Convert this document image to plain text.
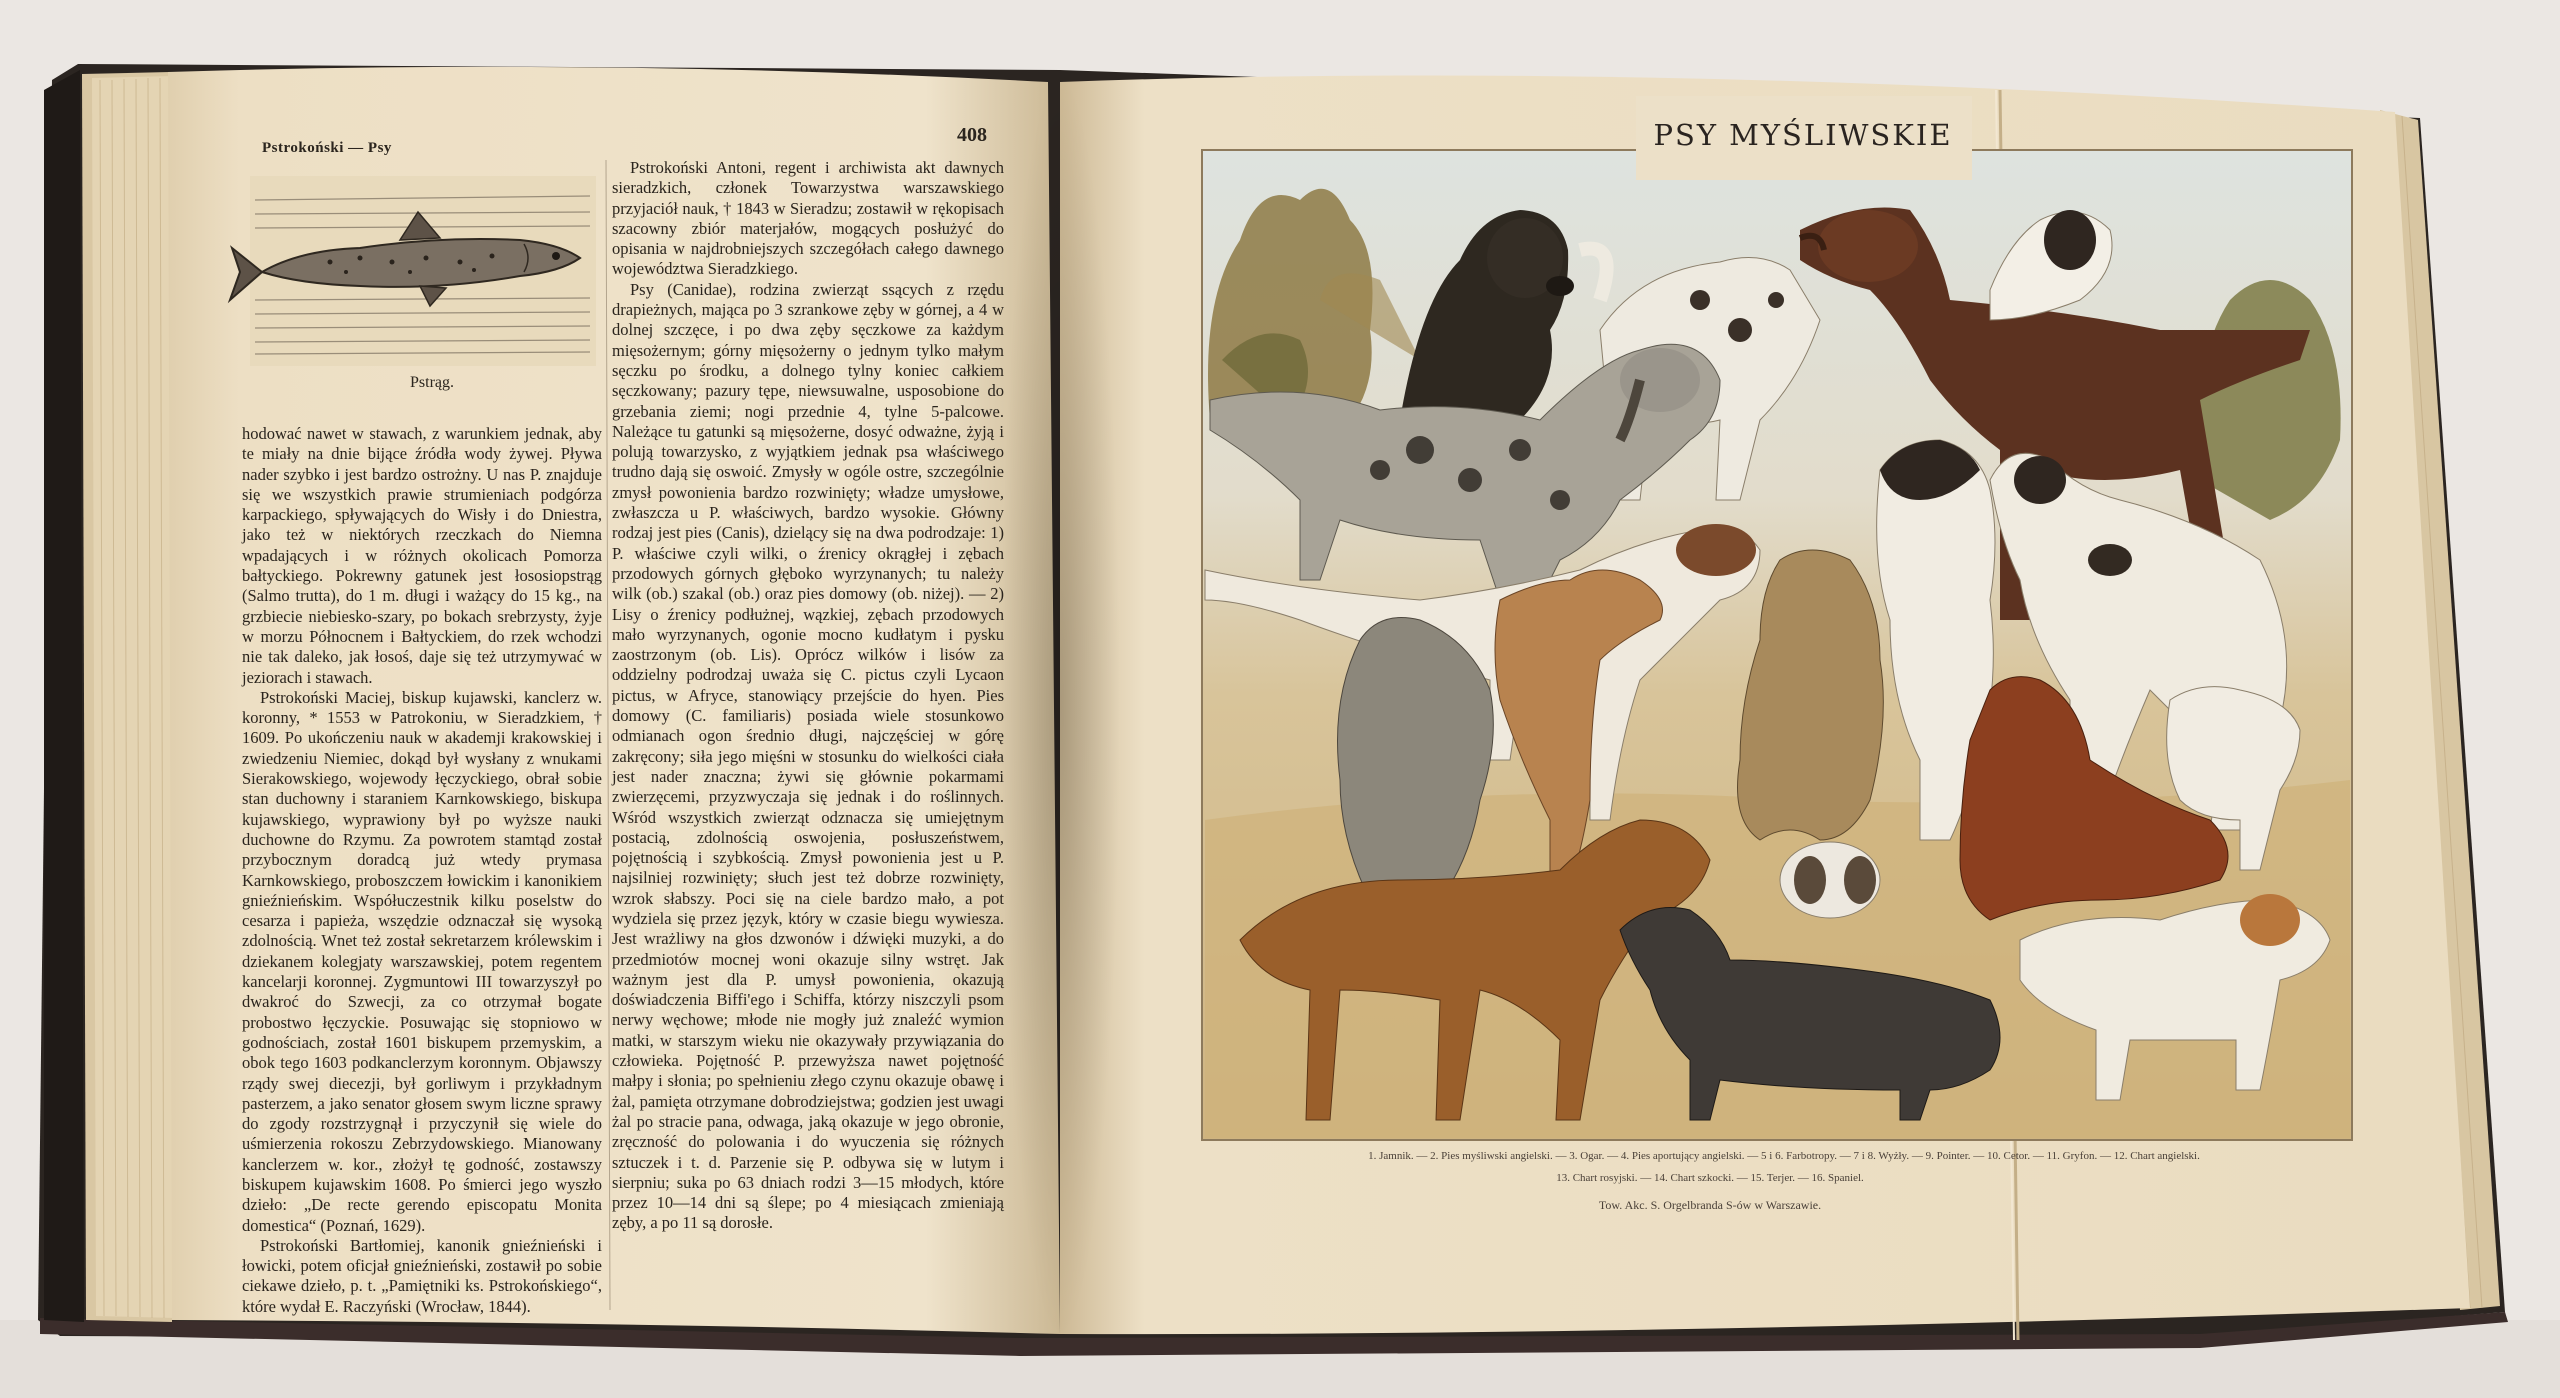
Pstrokoński — Psy
408
Pstrąg.

hodować nawet w stawach, z warunkiem jednak, aby te miały na dnie bijące źródła wody żywej. Pływa nader szybko i jest bardzo ostrożny. U nas P. znajduje się we wszystkich prawie strumieniach podgórza karpackiego, spływających do Wisły i do Dniestra, jako też w niektórych rzeczkach do Niemna wpadających i w różnych okolicach Pomorza bałtyckiego. Pokrewny gatunek jest łososiopstrąg (Salmo trutta), do 1 m. długi i ważący do 15 kg., na grzbiecie niebiesko-szary, po bokach srebrzysty, żyje w morzu Północnem i Bałtyckiem, do rzek wchodzi nie tak daleko, jak łosoś, daje się też utrzymywać w jeziorach i stawach.

Pstrokoński Maciej, biskup kujawski, kanclerz w. koronny, * 1553 w Patrokoniu, w Sieradzkiem, † 1609. Po ukończeniu nauk w akademji krakowskiej i zwiedzeniu Niemiec, dokąd był wysłany z wnukami Sierakowskiego, wojewody łęczyckiego, obrał sobie stan duchowny i staraniem Karnkowskiego, biskupa kujawskiego, wyprawiony był po wyższe nauki duchowne do Rzymu. Za powrotem stamtąd został przybocznym doradcą już wtedy prymasa Karnkowskiego, proboszczem łowickim i kanonikiem gnieźnieńskim. Współuczestnik kilku poselstw do cesarza i papieża, wszędzie odznaczał się wysoką zdolnością. Wnet też został sekretarzem królewskim i dziekanem kolegjaty warszawskiej, potem regentem kancelarji koronnej. Zygmuntowi III towarzyszył po dwakroć do Szwecji, za co otrzymał bogate probostwo łęczyckie. Posuwając się stopniowo w godnościach, został 1601 biskupem przemyskim, a obok tego 1603 podkanclerzym koronnym. Objawszy rządy swej diecezji, był gorliwym i przykładnym pasterzem, a jako senator głosem swym liczne sprawy do zgody rozstrzygnął i przyczynił się wiele do uśmierzenia rokoszu Zebrzydowskiego. Mianowany kanclerzem w. kor., złożył tę godność, zostawszy biskupem kujawskim 1608. Po śmierci jego wyszło dzieło: „De recte gerendo episcopatu Monita domestica“ (Poznań, 1629).

Pstrokoński Bartłomiej, kanonik gnieźnieński i łowicki, potem oficjał gnieźnieński, zostawił po sobie ciekawe dzieło, p. t. „Pamiętniki ks. Pstrokońskiego“, które wydał E. Raczyński (Wrocław, 1844).

Pstrokoński Antoni, regent i archiwista akt dawnych sieradzkich, członek Towarzystwa warszawskiego przyjaciół nauk, † 1843 w Sieradzu; zostawił w rękopisach szacowny zbiór materjałów, mogących posłużyć do opisania w najdrobniejszych szczegółach całego dawnego województwa Sieradzkiego.

Psy (Canidae), rodzina zwierząt ssących z rzędu drapieżnych, mająca po 3 szrankowe zęby w górnej, a 4 w dolnej szczęce, i po dwa zęby sęczkowe za każdym mięsożernym; górny mięsożerny o jednym tylko małym sęczku po środku, a dolnego tylny koniec całkiem sęczkowany; pazury tępe, niewsuwalne, usposobione do grzebania ziemi; nogi przednie 4, tylne 5-palcowe. Należące tu gatunki są mięsożerne, dosyć odważne, żyją i polują towarzysko, z wyjątkiem jednak psa właściwego trudno dają się oswoić. Zmysły w ogóle ostre, szczególnie zmysł powonienia bardzo rozwinięty; władze umysłowe, zwłaszcza u P. właściwych, bardzo wysokie. Główny rodzaj jest pies (Canis), dzielący się na dwa podrodzaje: 1) P. właściwe czyli wilki, o źrenicy okrągłej i zębach przodowych górnych głęboko wyrzynanych; tu należy wilk (ob.) szakal (ob.) oraz pies domowy (ob. niżej). — 2) Lisy o źrenicy podłużnej, wązkiej, zębach przodowych mało wyrzynanych, ogonie mocno kudłatym i pysku zaostrzonym (ob. Lis). Oprócz wilków i lisów za oddzielny podrodzaj uważa się C. pictus czyli Lycaon pictus, w Afryce, stanowiący przejście do hyen. Pies domowy (C. familiaris) posiada wiele stosunkowo odmianach ogon średnio długi, najczęściej w górę zakręcony; siła jego mięśni w stosunku do wielkości ciała jest nader znaczna; żywi się głównie pokarmami zwierzęcemi, przyzwyczaja się jednak i do roślinnych. Wśród wszystkich zwierząt odznacza się umiejętnym postacią, zdolnością oswojenia, posłuszeństwem, pojętnością i szybkością. Zmysł powonienia jest u P. najsilniej rozwinięty; słuch jest też dobrze rozwinięty, wzrok słabszy. Poci się na ciele bardzo mało, a pot wydziela się przez język, który w czasie biegu wywiesza. Jest wrażliwy na głos dzwonów i dźwięki muzyki, a do przedmiotów mocnej woni okazuje silny wstręt. Jak ważnym jest dla P. umysł powonienia, okazują doświadczenia Biffi'ego i Schiffa, którzy niszczyli psom nerwy węchowe; młode nie mogły już znaleźć wymion matki, w starszym wieku nie okazywały przywiązania do człowieka. Pojętność P. przewyższa nawet pojętność małpy i słonia; po spełnieniu złego czynu okazuje obawę i żal, pamięta otrzymane dobrodziejstwa; godzien jest uwagi żal po stracie pana, odwaga, jaką okazuje w jego obronie, zręczność do polowania i do wyuczenia się różnych sztuczek i t. d. Parzenie się P. odbywa się w lutym i sierpniu; suka po 63 dniach rodzi 3—15 młodych, które przez 10—14 dni są ślepe; po 4 miesiącach zmieniają zęby, a po 11 są dorosłe.

PSY MYŚLIWSKIE
1. Jamnik. — 2. Pies myśliwski angielski. — 3. Ogar. — 4. Pies aportujący angielski. — 5 i 6. Farbotropy. — 7 i 8. Wyżły. — 9. Pointer. — 10. Cetor. — 11. Gryfon. — 12. Chart angielski.
13. Chart rosyjski. — 14. Chart szkocki. — 15. Terjer. — 16. Spaniel.
Tow. Akc. S. Orgelbranda S-ów w Warszawie.
